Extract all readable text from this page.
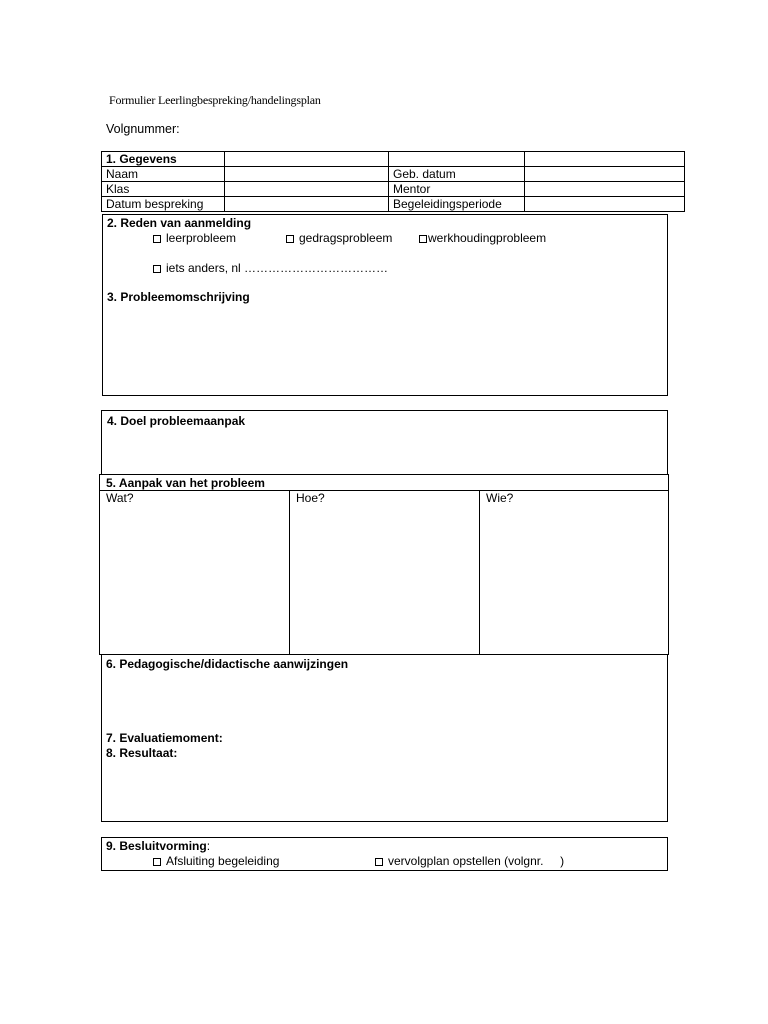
Formulier Leerlingbespreking/handelingsplan
Volgnummer:
1. Gegevens			
Naam		Geb. datum	
Klas		Mentor	
Datum bespreking		Begeleidingsperiode	
2. Reden van aanmelding
leerprobleem	gedragsprobleem	werkhoudingprobleem
iets anders, nl ………………………………
3. Probleemomschrijving
4. Doel probleemaanpak
5. Aanpak van het probleem
Wat?	Hoe?	Wie?
6. Pedagogische/didactische aanwijzingen
7. Evaluatiemoment:
8. Resultaat:
9. Besluitvorming:
Afsluiting begeleiding	vervolgplan opstellen (volgnr.     )
